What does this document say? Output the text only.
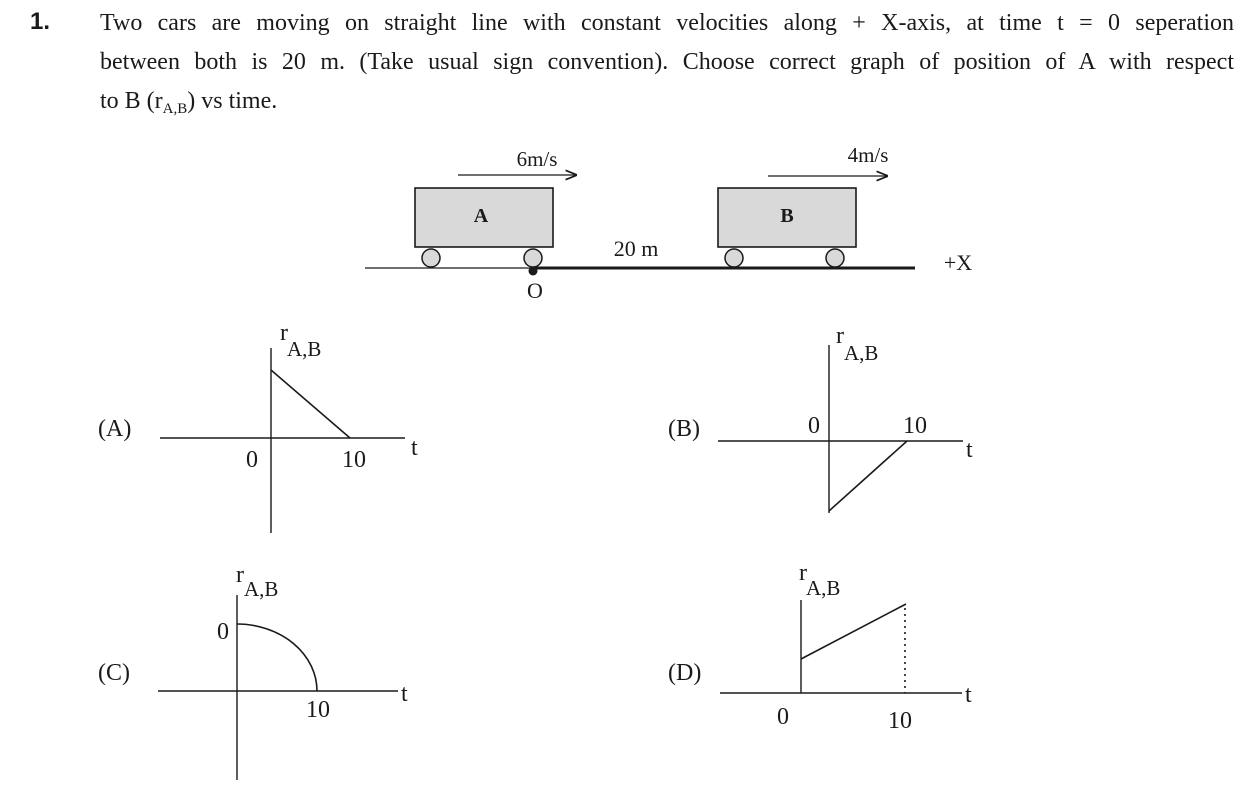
1. Two cars are moving on straight line with constant velocities along + X-axis, at time t = 0 seperation
between both is 20 m. (Take usual sign convention). Choose correct graph of position of A with respect
to B $(r_{A,B})$ vs time.
A
6m/s
O
B
4m/s
20 m
+X
(A)
r
A,B
0	10 t
(B)
r
A,B
0	10
t
(C)
r
A,B
0
10
t
(D)
r
A,B
0	10
t
